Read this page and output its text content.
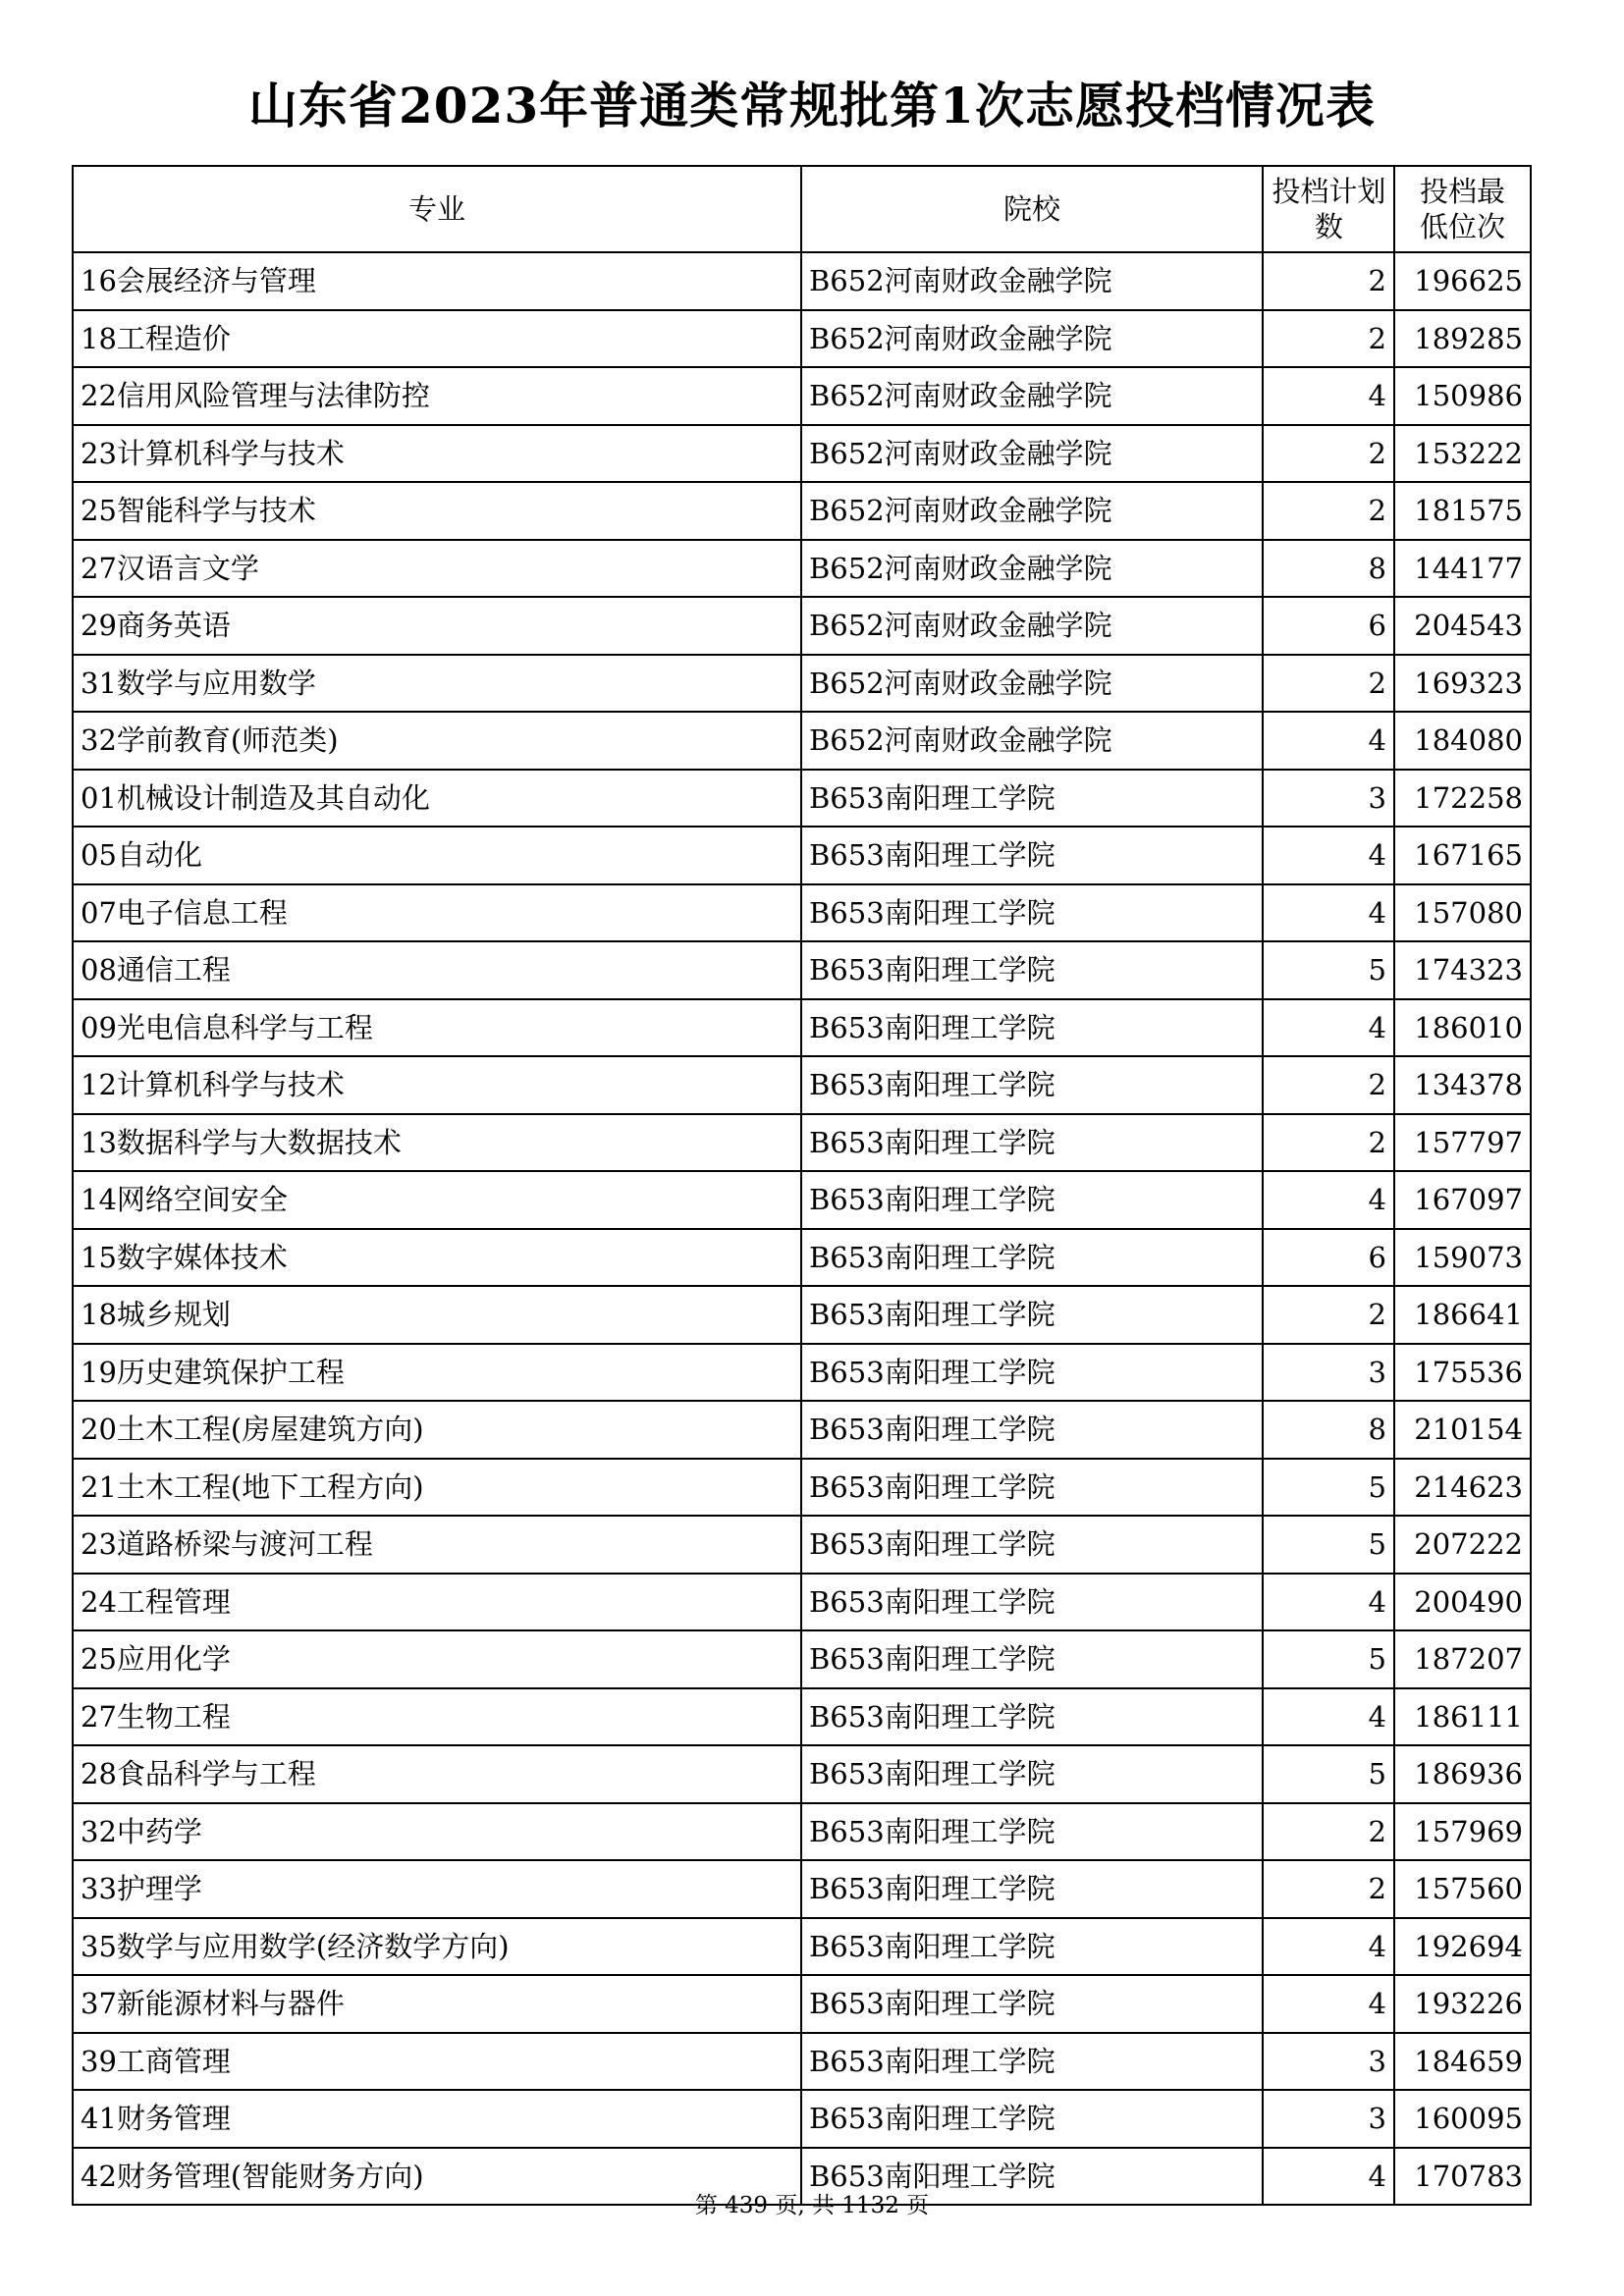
山东省2023年普通类常规批第1次志愿投档情况表
专业	院校	投档计划数	投档最低位次
16会展经济与管理	B652河南财政金融学院	2	196625
18工程造价	B652河南财政金融学院	2	189285
22信用风险管理与法律防控	B652河南财政金融学院	4	150986
23计算机科学与技术	B652河南财政金融学院	2	153222
25智能科学与技术	B652河南财政金融学院	2	181575
27汉语言文学	B652河南财政金融学院	8	144177
29商务英语	B652河南财政金融学院	6	204543
31数学与应用数学	B652河南财政金融学院	2	169323
32学前教育(师范类)	B652河南财政金融学院	4	184080
01机械设计制造及其自动化	B653南阳理工学院	3	172258
05自动化	B653南阳理工学院	4	167165
07电子信息工程	B653南阳理工学院	4	157080
08通信工程	B653南阳理工学院	5	174323
09光电信息科学与工程	B653南阳理工学院	4	186010
12计算机科学与技术	B653南阳理工学院	2	134378
13数据科学与大数据技术	B653南阳理工学院	2	157797
14网络空间安全	B653南阳理工学院	4	167097
15数字媒体技术	B653南阳理工学院	6	159073
18城乡规划	B653南阳理工学院	2	186641
19历史建筑保护工程	B653南阳理工学院	3	175536
20土木工程(房屋建筑方向)	B653南阳理工学院	8	210154
21土木工程(地下工程方向)	B653南阳理工学院	5	214623
23道路桥梁与渡河工程	B653南阳理工学院	5	207222
24工程管理	B653南阳理工学院	4	200490
25应用化学	B653南阳理工学院	5	187207
27生物工程	B653南阳理工学院	4	186111
28食品科学与工程	B653南阳理工学院	5	186936
32中药学	B653南阳理工学院	2	157969
33护理学	B653南阳理工学院	2	157560
35数学与应用数学(经济数学方向)	B653南阳理工学院	4	192694
37新能源材料与器件	B653南阳理工学院	4	193226
39工商管理	B653南阳理工学院	3	184659
41财务管理	B653南阳理工学院	3	160095
42财务管理(智能财务方向)	B653南阳理工学院	4	170783
第 439 页, 共 1132 页
